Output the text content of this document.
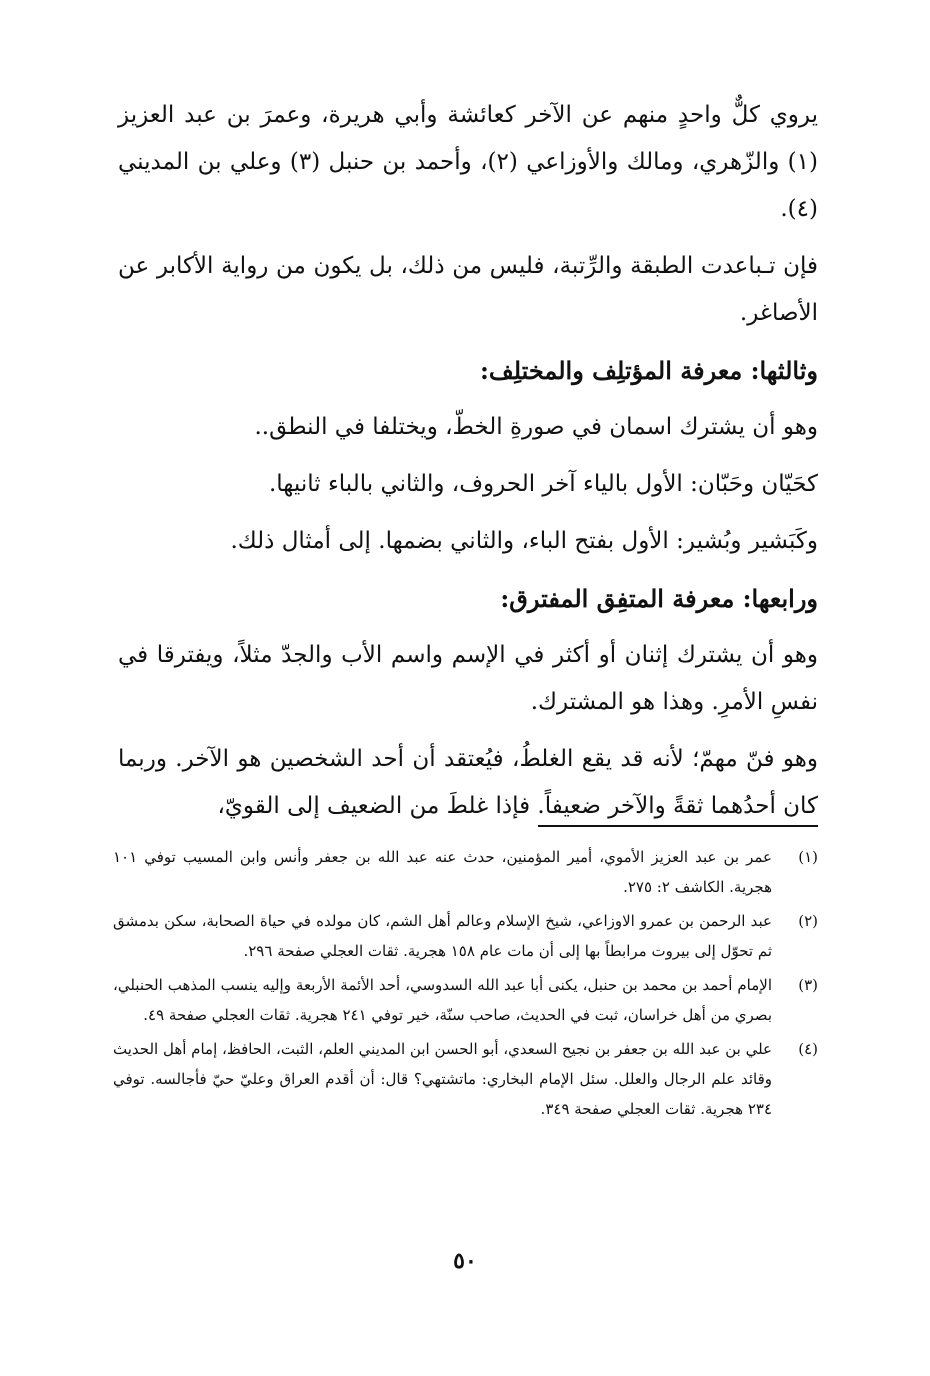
يروي كلٌّ واحدٍ منهم عن الآخر كعائشة وأبي هريرة، وعمرَ بن عبد العزيز (١) والزّهري، ومالك والأوزاعي (٢)، وأحمد بن حنبل (٣) وعلي بن المديني (٤).

فإن تـباعدت الطبقة والرِّتبة، فليس من ذلك، بل يكون من رواية الأكابر عن الأصاغر.

وثالثها: معرفة المؤتلِف والمختلِف:

وهو أن يشترك اسمان في صورةِ الخطّ، ويختلفا في النطق..

كحَيّان وحَبّان: الأول بالياء آخر الحروف، والثاني بالباء ثانيها.

وكَبَشير وبُشير: الأول بفتح الباء، والثاني بضمها. إلى أمثال ذلك.

ورابعها: معرفة المتفِق المفترق:

وهو أن يشترك إثنان أو أكثر في الإسم واسم الأب والجدّ مثلاً، ويفترقا في نفسِ الأمرِ. وهذا هو المشترك.

وهو فنّ مهمّ؛ لأنه قد يقع الغلطُ، فيُعتقد أن أحد الشخصين هو الآخر. وربما كان أحدُهما ثقةً والآخر ضعيفاً. فإذا غلطَ من الضعيف إلى القويّ،

(١)
عمر بن عبد العزيز الأموي، أمير المؤمنين، حدث عنه عبد الله بن جعفر وأنس وابن المسيب توفي ١٠١ هجرية. الكاشف ٢: ٢٧٥.
(٢)
عبد الرحمن بن عمرو الاوزاعي، شيخ الإسلام وعالم أهل الشم، كان مولده في حياة الصحابة، سكن بدمشق ثم تحوّل إلى بيروت مرابطاً بها إلى أن مات عام ١٥٨ هجرية. ثقات العجلي صفحة ٢٩٦.
(٣)
الإمام أحمد بن محمد بن حنبل، يكنى أبا عبد الله السدوسي، أحد الأئمة الأربعة وإليه ينسب المذهب الحنبلي، بصري من أهل خراسان، ثبت في الحديث، صاحب سنّة، خير توفي ٢٤١ هجرية. ثقات العجلي صفحة ٤٩.
(٤)
علي بن عبد الله بن جعفر بن نجيح السعدي، أبو الحسن ابن المديني العلم، الثبت، الحافظ، إمام أهل الحديث وقائد علم الرجال والعلل. سئل الإمام البخاري: ماتشتهي؟ قال: أن أقدم العراق وعليّ حيّ فأجالسه. توفي ٢٣٤ هجرية. ثقات العجلي صفحة ٣٤٩.
٥٠
